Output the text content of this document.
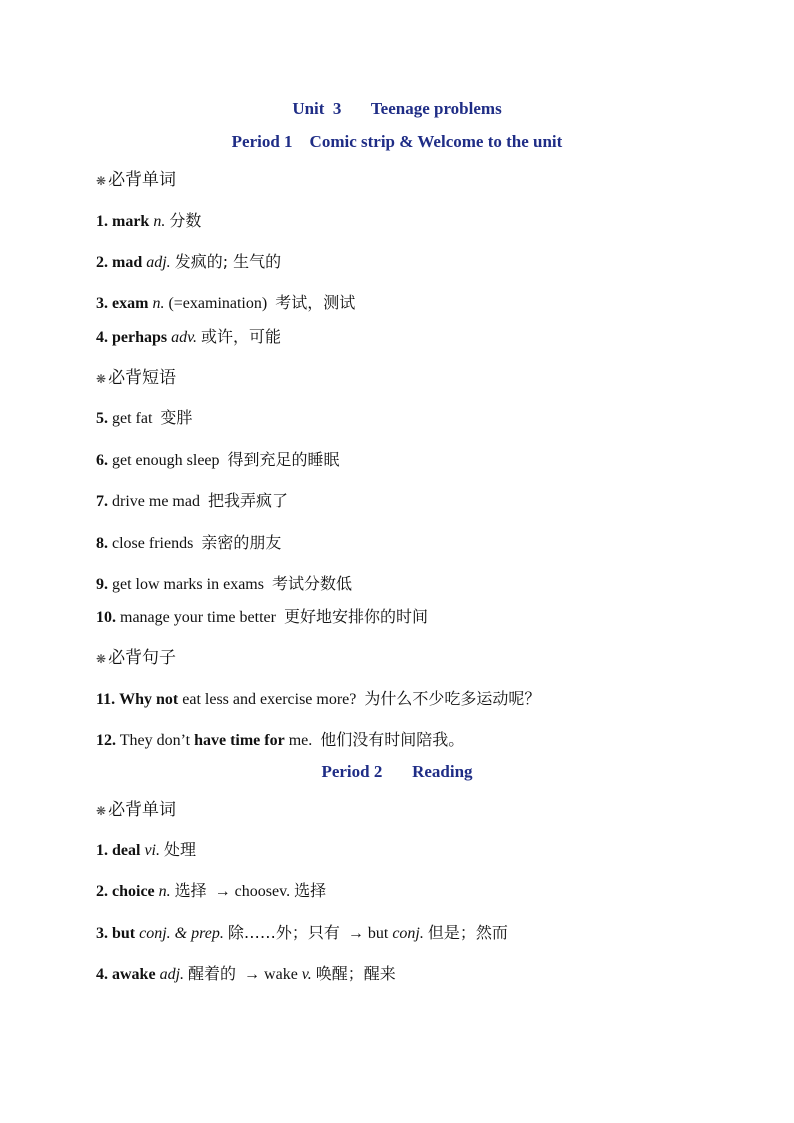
Unit  3       Teenage problems
Period 1    Comic strip & Welcome to the unit
❋ 必背单词
1. mark n. 分数
2. mad adj. 发疯的; 生气的
3. exam n. (=examination) 考试，测试
4. perhaps adv. 或许，可能
❋ 必背短语
5. get fat 变胖
6. get enough sleep 得到充足的睡眠
7. drive me mad 把我弄疯了
8. close friends 亲密的朋友
9. get low marks in exams 考试分数低
10. manage your time better 更好地安排你的时间
❋ 必背句子
11. Why not eat less and exercise more? 为什么不少吃多运动呢？
12. They don’t have time for me. 他们没有时间陪我。
Period 2       Reading
❋ 必背单词
1. deal vi. 处理
2. choice n. 选择 → choosev. 选择
3. but conj. & prep. 除……外；只有 → but conj. 但是；然而
4. awake adj. 醒着的 → wake v. 唤醒；醒来
